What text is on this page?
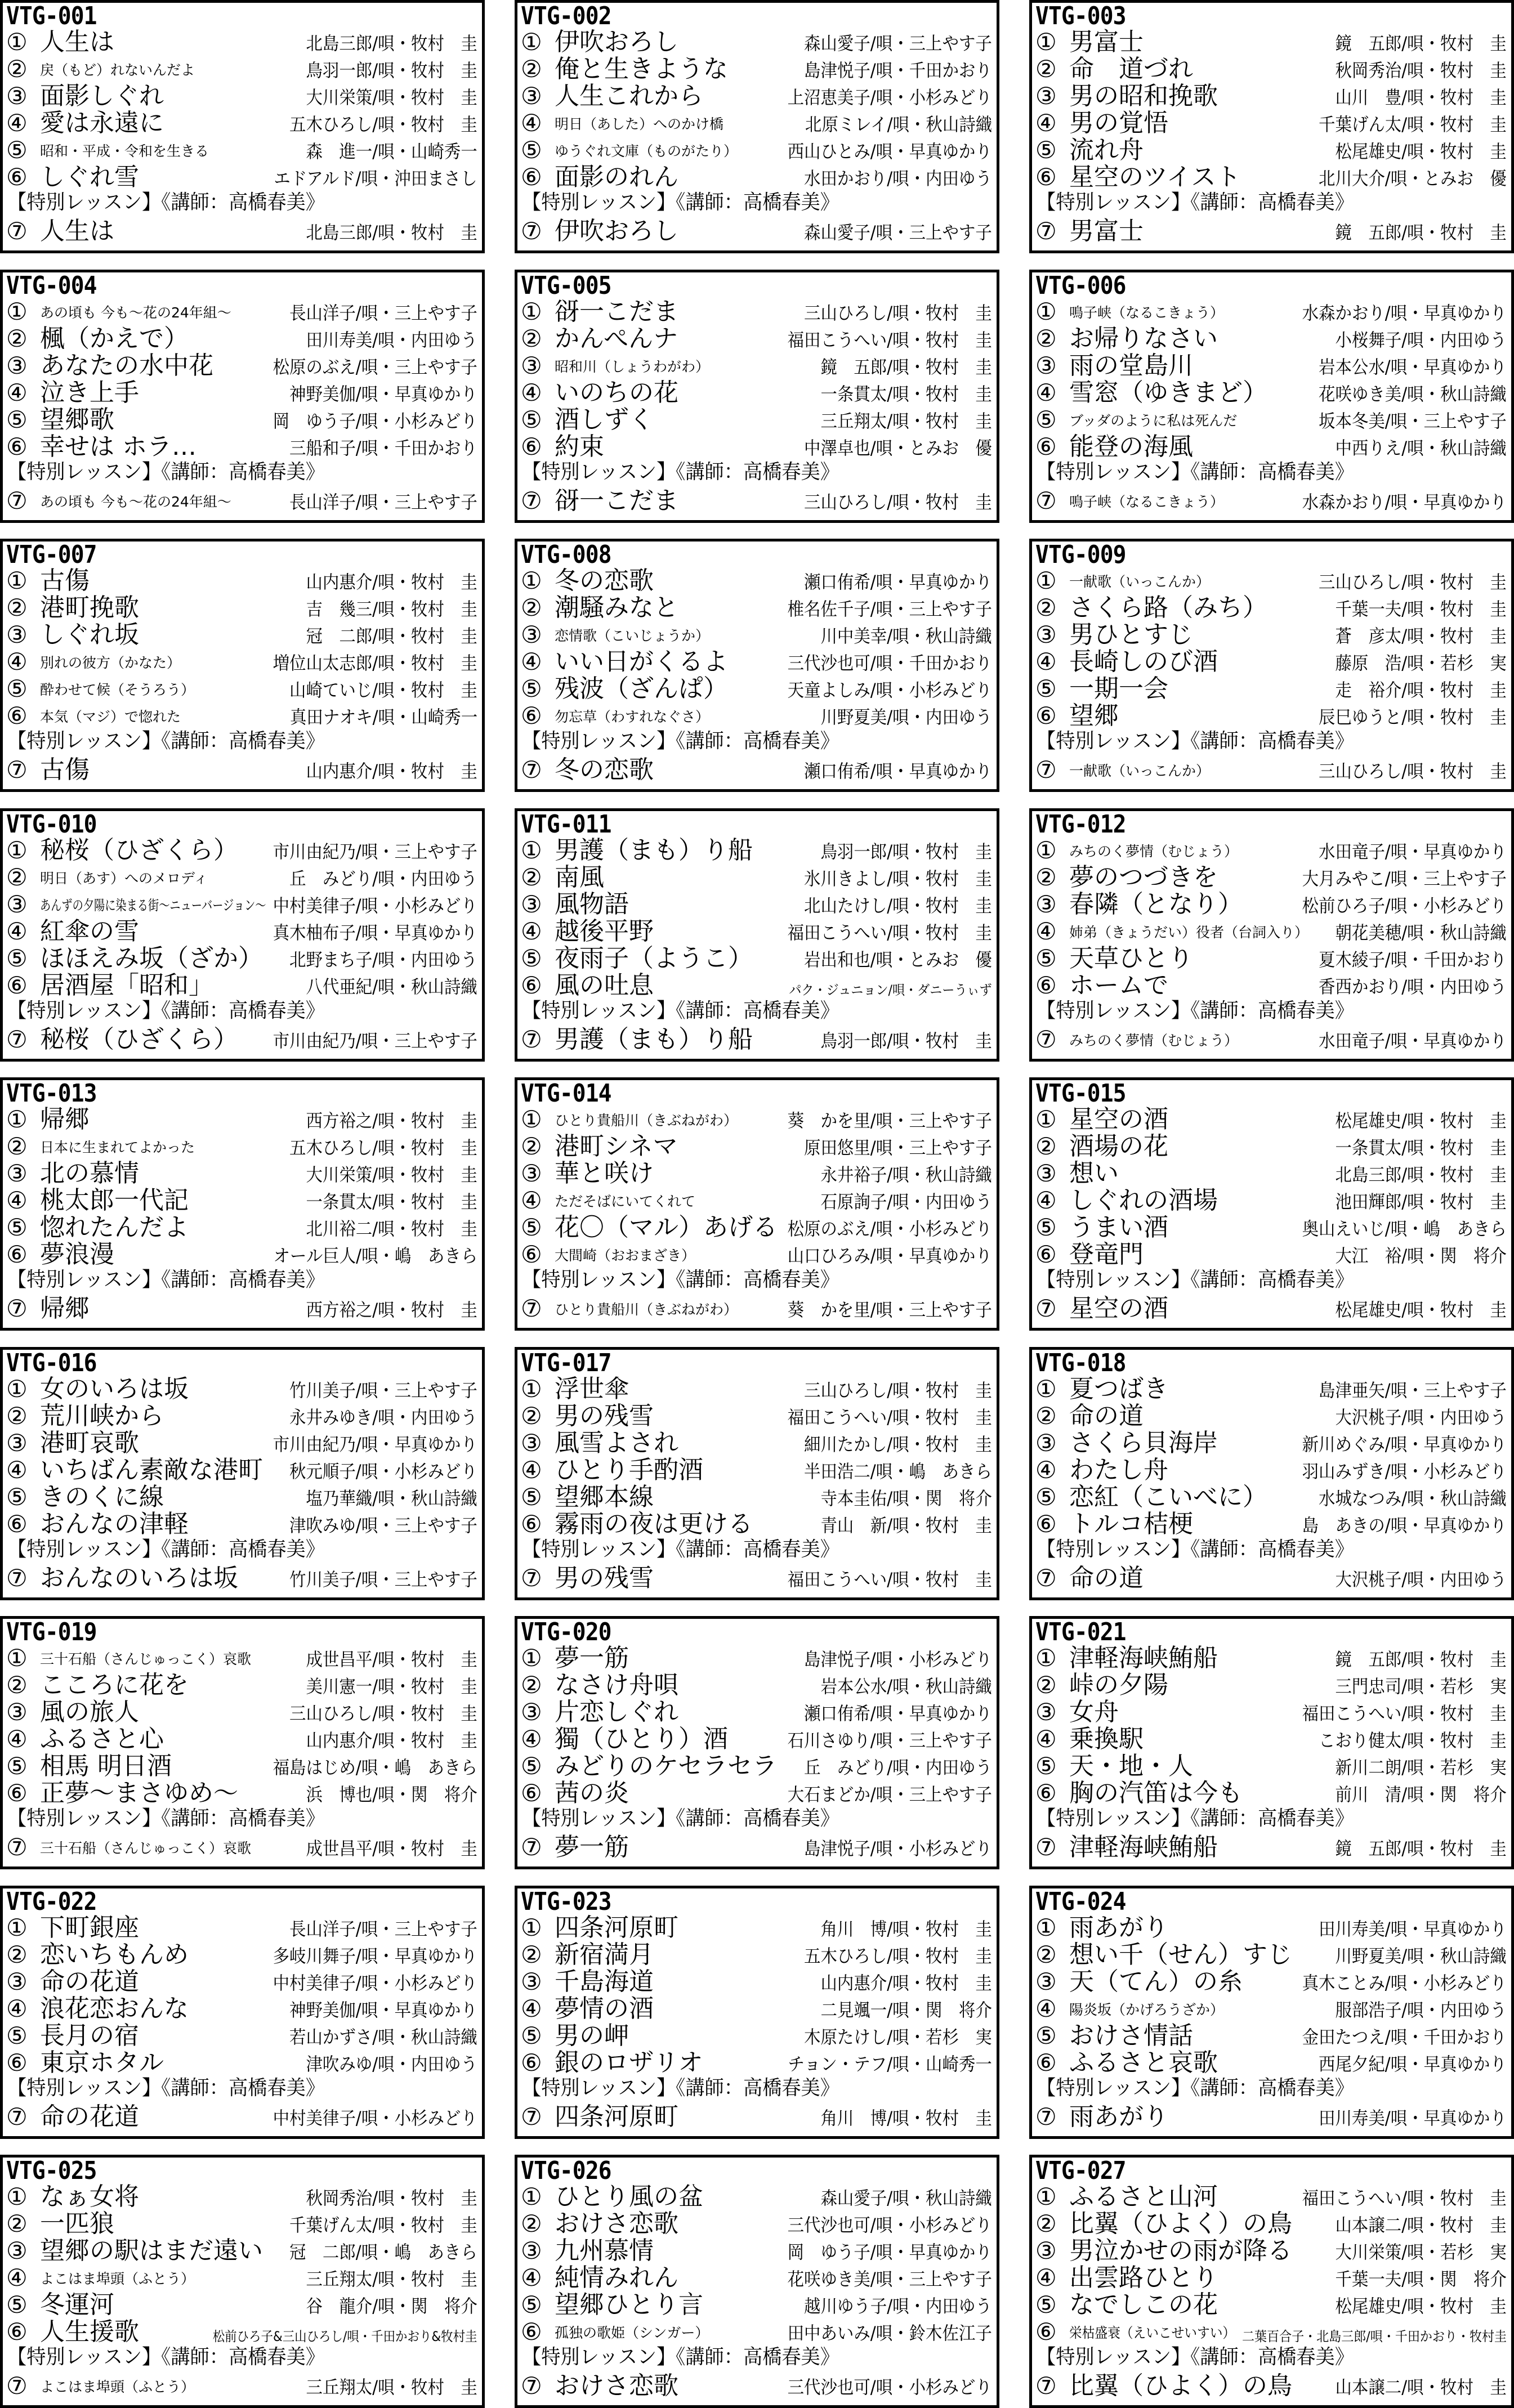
VTG-001
① 人生は	北島三郎/唄・牧村　圭
② 戻（もど）れないんだよ	鳥羽一郎/唄・牧村　圭
③ 面影しぐれ	大川栄策/唄・牧村　圭
④ 愛は永遠に	五木ひろし/唄・牧村　圭
⑤ 昭和・平成・令和を生きる	森　進一/唄・山崎秀一
⑥ しぐれ雪	エドアルド/唄・沖田まさし
⑦ 人生は	北島三郎/唄・牧村　圭
【特別レッスン】《講師：高橋春美》
VTG-002
① 伊吹おろし	森山愛子/唄・三上やす子
② 俺と生きような	島津悦子/唄・千田かおり
③ 人生これから	上沼恵美子/唄・小杉みどり
④ 明日（あした）へのかけ橋	北原ミレイ/唄・秋山詩織
⑤ ゆうぐれ文庫（ものがたり）	西山ひとみ/唄・早真ゆかり
⑥ 面影のれん	水田かおり/唄・内田ゆう
⑦ 伊吹おろし	森山愛子/唄・三上やす子
【特別レッスン】《講師：高橋春美》
VTG-003
① 男富士	鏡　五郎/唄・牧村　圭
② 命　道づれ	秋岡秀治/唄・牧村　圭
③ 男の昭和挽歌	山川　豊/唄・牧村　圭
④ 男の覚悟	千葉げん太/唄・牧村　圭
⑤ 流れ舟	松尾雄史/唄・牧村　圭
⑥ 星空のツイスト	北川大介/唄・とみお　優
⑦ 男富士	鏡　五郎/唄・牧村　圭
【特別レッスン】《講師：高橋春美》
VTG-004
① あの頃も 今も～花の24年組～	長山洋子/唄・三上やす子
② 楓（かえで）	田川寿美/唄・内田ゆう
③ あなたの水中花	松原のぶえ/唄・三上やす子
④ 泣き上手	神野美伽/唄・早真ゆかり
⑤ 望郷歌	岡　ゆう子/唄・小杉みどり
⑥ 幸せは ホラ…	三船和子/唄・千田かおり
⑦ あの頃も 今も～花の24年組～	長山洋子/唄・三上やす子
【特別レッスン】《講師：高橋春美》
VTG-005
① 谺一こだま	三山ひろし/唄・牧村　圭
② かんぺんナ	福田こうへい/唄・牧村　圭
③ 昭和川（しょうわがわ）	鏡　五郎/唄・牧村　圭
④ いのちの花	一条貫太/唄・牧村　圭
⑤ 酒しずく	三丘翔太/唄・牧村　圭
⑥ 約束	中澤卓也/唄・とみお　優
⑦ 谺一こだま	三山ひろし/唄・牧村　圭
【特別レッスン】《講師：高橋春美》
VTG-006
① 鳴子峡（なるこきょう）	水森かおり/唄・早真ゆかり
② お帰りなさい	小桜舞子/唄・内田ゆう
③ 雨の堂島川	岩本公水/唄・早真ゆかり
④ 雪窓（ゆきまど）	花咲ゆき美/唄・秋山詩織
⑤ ブッダのように私は死んだ	坂本冬美/唄・三上やす子
⑥ 能登の海風	中西りえ/唄・秋山詩織
⑦ 鳴子峡（なるこきょう）	水森かおり/唄・早真ゆかり
【特別レッスン】《講師：高橋春美》
VTG-007
① 古傷	山内惠介/唄・牧村　圭
② 港町挽歌	吉　幾三/唄・牧村　圭
③ しぐれ坂	冠　二郎/唄・牧村　圭
④ 別れの彼方（かなた）	増位山太志郎/唄・牧村　圭
⑤ 酔わせて候（そうろう）	山崎ていじ/唄・牧村　圭
⑥ 本気（マジ）で惚れた	真田ナオキ/唄・山崎秀一
⑦ 古傷	山内惠介/唄・牧村　圭
【特別レッスン】《講師：高橋春美》
VTG-008
① 冬の恋歌	瀬口侑希/唄・早真ゆかり
② 潮騒みなと	椎名佐千子/唄・三上やす子
③ 恋情歌（こいじょうか）	川中美幸/唄・秋山詩織
④ いい日がくるよ	三代沙也可/唄・千田かおり
⑤ 残波（ざんぱ）	天童よしみ/唄・小杉みどり
⑥ 勿忘草（わすれなぐさ）	川野夏美/唄・内田ゆう
⑦ 冬の恋歌	瀬口侑希/唄・早真ゆかり
【特別レッスン】《講師：高橋春美》
VTG-009
① 一献歌（いっこんか）	三山ひろし/唄・牧村　圭
② さくら路（みち）	千葉一夫/唄・牧村　圭
③ 男ひとすじ	蒼　彦太/唄・牧村　圭
④ 長崎しのび酒	藤原　浩/唄・若杉　実
⑤ 一期一会	走　裕介/唄・牧村　圭
⑥ 望郷	辰巳ゆうと/唄・牧村　圭
⑦ 一献歌（いっこんか）	三山ひろし/唄・牧村　圭
【特別レッスン】《講師：高橋春美》
VTG-010
① 秘桜（ひざくら） 市川由紀乃/唄・三上やす子
② 明日（あす）へのメロディ	丘　みどり/唄・内田ゆう
③ あんずの夕陽に染まる街～ニューバージョン～ 中村美律子/唄・小杉みどり
④ 紅傘の雪	真木柚布子/唄・早真ゆかり
⑤ ほほえみ坂（ざか） 北野まち子/唄・内田ゆう
⑥ 居酒屋「昭和」	八代亜紀/唄・秋山詩織
⑦ 秘桜（ひざくら） 市川由紀乃/唄・三上やす子
【特別レッスン】《講師：高橋春美》
VTG-011
① 男護（まも）り船	鳥羽一郎/唄・牧村　圭
② 南風	氷川きよし/唄・牧村　圭
③ 風物語	北山たけし/唄・牧村　圭
④ 越後平野	福田こうへい/唄・牧村　圭
⑤ 夜雨子（ようこ）	岩出和也/唄・とみお　優
⑥ 風の吐息	パク・ジュニョン/唄・ダニーうぃず
⑦ 男護（まも）り船	鳥羽一郎/唄・牧村　圭
【特別レッスン】《講師：高橋春美》
VTG-012
① みちのく夢情（むじょう）	水田竜子/唄・早真ゆかり
② 夢のつづきを	大月みやこ/唄・三上やす子
③ 春隣（となり）	松前ひろ子/唄・小杉みどり
④ 姉弟（きょうだい）役者（台詞入り） 朝花美穂/唄・秋山詩織
⑤ 天草ひとり	夏木綾子/唄・千田かおり
⑥ ホームで	香西かおり/唄・内田ゆう
⑦ みちのく夢情（むじょう）	水田竜子/唄・早真ゆかり
【特別レッスン】《講師：高橋春美》
VTG-013
① 帰郷	西方裕之/唄・牧村　圭
② 日本に生まれてよかった	五木ひろし/唄・牧村　圭
③ 北の慕情	大川栄策/唄・牧村　圭
④ 桃太郎一代記	一条貫太/唄・牧村　圭
⑤ 惚れたんだよ	北川裕二/唄・牧村　圭
⑥ 夢浪漫	オール巨人/唄・嶋　あきら
⑦ 帰郷	西方裕之/唄・牧村　圭
【特別レッスン】《講師：高橋春美》
VTG-014
① ひとり貴船川（きぶねがわ）	葵　かを里/唄・三上やす子
② 港町シネマ	原田悠里/唄・三上やす子
③ 華と咲け	永井裕子/唄・秋山詩織
④ ただそばにいてくれて	石原詢子/唄・内田ゆう
⑤ 花〇（マル）あげる 松原のぶえ/唄・小杉みどり
⑥ 大間崎（おおまざき）	山口ひろみ/唄・早真ゆかり
⑦ ひとり貴船川（きぶねがわ）	葵　かを里/唄・三上やす子
【特別レッスン】《講師：高橋春美》
VTG-015
① 星空の酒	松尾雄史/唄・牧村　圭
② 酒場の花	一条貫太/唄・牧村　圭
③ 想い	北島三郎/唄・牧村　圭
④ しぐれの酒場	池田輝郎/唄・牧村　圭
⑤ うまい酒	奥山えいじ/唄・嶋　あきら
⑥ 登竜門	大江　裕/唄・関　将介
⑦ 星空の酒	松尾雄史/唄・牧村　圭
【特別レッスン】《講師：高橋春美》
VTG-016
① 女のいろは坂	竹川美子/唄・三上やす子
② 荒川峡から	永井みゆき/唄・内田ゆう
③ 港町哀歌	市川由紀乃/唄・早真ゆかり
④ いちばん素敵な港町 秋元順子/唄・小杉みどり
⑤ きのくに線	塩乃華織/唄・秋山詩織
⑥ おんなの津軽	津吹みゆ/唄・三上やす子
⑦ おんなのいろは坂	竹川美子/唄・三上やす子
【特別レッスン】《講師：高橋春美》
VTG-017
① 浮世傘	三山ひろし/唄・牧村　圭
② 男の残雪	福田こうへい/唄・牧村　圭
③ 風雪よされ	細川たかし/唄・牧村　圭
④ ひとり手酌酒	半田浩二/唄・嶋　あきら
⑤ 望郷本線	寺本圭佑/唄・関　将介
⑥ 霧雨の夜は更ける	青山　新/唄・牧村　圭
⑦ 男の残雪	福田こうへい/唄・牧村　圭
【特別レッスン】《講師：高橋春美》
VTG-018
① 夏つばき	島津亜矢/唄・三上やす子
② 命の道	大沢桃子/唄・内田ゆう
③ さくら貝海岸	新川めぐみ/唄・早真ゆかり
④ わたし舟	羽山みずき/唄・小杉みどり
⑤ 恋紅（こいべに）	水城なつみ/唄・秋山詩織
⑥ トルコ桔梗	島　あきの/唄・早真ゆかり
⑦ 命の道	大沢桃子/唄・内田ゆう
【特別レッスン】《講師：高橋春美》
VTG-019
① 三十石船（さんじゅっこく）哀歌	成世昌平/唄・牧村　圭
② こころに花を	美川憲一/唄・牧村　圭
③ 風の旅人	三山ひろし/唄・牧村　圭
④ ふるさと心	山内惠介/唄・牧村　圭
⑤ 相馬 明日酒	福島はじめ/唄・嶋　あきら
⑥ 正夢～まさゆめ～	浜　博也/唄・関　将介
⑦ 三十石船（さんじゅっこく）哀歌	成世昌平/唄・牧村　圭
【特別レッスン】《講師：高橋春美》
VTG-020
① 夢一筋	島津悦子/唄・小杉みどり
② なさけ舟唄	岩本公水/唄・秋山詩織
③ 片恋しぐれ	瀬口侑希/唄・早真ゆかり
④ 獨（ひとり）酒	石川さゆり/唄・三上やす子
⑤ みどりのケセラセラ 丘　みどり/唄・内田ゆう
⑥ 茜の炎	大石まどか/唄・三上やす子
⑦ 夢一筋	島津悦子/唄・小杉みどり
【特別レッスン】《講師：高橋春美》
VTG-021
① 津軽海峡鮪船	鏡　五郎/唄・牧村　圭
② 峠の夕陽	三門忠司/唄・若杉　実
③ 女舟	福田こうへい/唄・牧村　圭
④ 乗換駅	こおり健太/唄・牧村　圭
⑤ 天・地・人	新川二朗/唄・若杉　実
⑥ 胸の汽笛は今も	前川　清/唄・関　将介
⑦ 津軽海峡鮪船	鏡　五郎/唄・牧村　圭
【特別レッスン】《講師：高橋春美》
VTG-022
① 下町銀座	長山洋子/唄・三上やす子
② 恋いちもんめ	多岐川舞子/唄・早真ゆかり
③ 命の花道	中村美律子/唄・小杉みどり
④ 浪花恋おんな	神野美伽/唄・早真ゆかり
⑤ 長月の宿	若山かずさ/唄・秋山詩織
⑥ 東京ホタル	津吹みゆ/唄・内田ゆう
⑦ 命の花道	中村美律子/唄・小杉みどり
【特別レッスン】《講師：高橋春美》
VTG-023
① 四条河原町	角川　博/唄・牧村　圭
② 新宿満月	五木ひろし/唄・牧村　圭
③ 千島海道	山内惠介/唄・牧村　圭
④ 夢情の酒	二見颯一/唄・関　将介
⑤ 男の岬	木原たけし/唄・若杉　実
⑥ 銀のロザリオ	チョン・テフ/唄・山崎秀一
⑦ 四条河原町	角川　博/唄・牧村　圭
【特別レッスン】《講師：高橋春美》
VTG-024
① 雨あがり	田川寿美/唄・早真ゆかり
② 想い千（せん）すじ 川野夏美/唄・秋山詩織
③ 天（てん）の糸	真木ことみ/唄・小杉みどり
④ 陽炎坂（かげろうざか）	服部浩子/唄・内田ゆう
⑤ おけさ情話	金田たつえ/唄・千田かおり
⑥ ふるさと哀歌	西尾夕紀/唄・早真ゆかり
⑦ 雨あがり	田川寿美/唄・早真ゆかり
【特別レッスン】《講師：高橋春美》
VTG-025
① なぁ女将	秋岡秀治/唄・牧村　圭
② 一匹狼	千葉げん太/唄・牧村　圭
③ 望郷の駅はまだ遠い 冠　二郎/唄・嶋　あきら
④ よこはま埠頭（ふとう）	三丘翔太/唄・牧村　圭
⑤ 冬運河	谷　龍介/唄・関　将介
⑥ 人生援歌	松前ひろ子&三山ひろし/唄・千田かおり&牧村圭
⑦ よこはま埠頭（ふとう）	三丘翔太/唄・牧村　圭
【特別レッスン】《講師：高橋春美》
VTG-026
① ひとり風の盆	森山愛子/唄・秋山詩織
② おけさ恋歌	三代沙也可/唄・小杉みどり
③ 九州慕情	岡　ゆう子/唄・早真ゆかり
④ 純情みれん	花咲ゆき美/唄・三上やす子
⑤ 望郷ひとり言	越川ゆう子/唄・内田ゆう
⑥ 孤独の歌姫（シンガー）	田中あいみ/唄・鈴木佐江子
⑦ おけさ恋歌	三代沙也可/唄・小杉みどり
【特別レッスン】《講師：高橋春美》
VTG-027
① ふるさと山河	福田こうへい/唄・牧村　圭
② 比翼（ひよく）の鳥 山本譲二/唄・牧村　圭
③ 男泣かせの雨が降る 大川栄策/唄・若杉　実
④ 出雲路ひとり	千葉一夫/唄・関　将介
⑤ なでしこの花	松尾雄史/唄・牧村　圭
⑥ 栄枯盛衰（えいこせいすい） 二葉百合子・北島三郎/唄・千田かおり・牧村圭
⑦ 比翼（ひよく）の鳥 山本譲二/唄・牧村　圭
【特別レッスン】《講師：高橋春美》
